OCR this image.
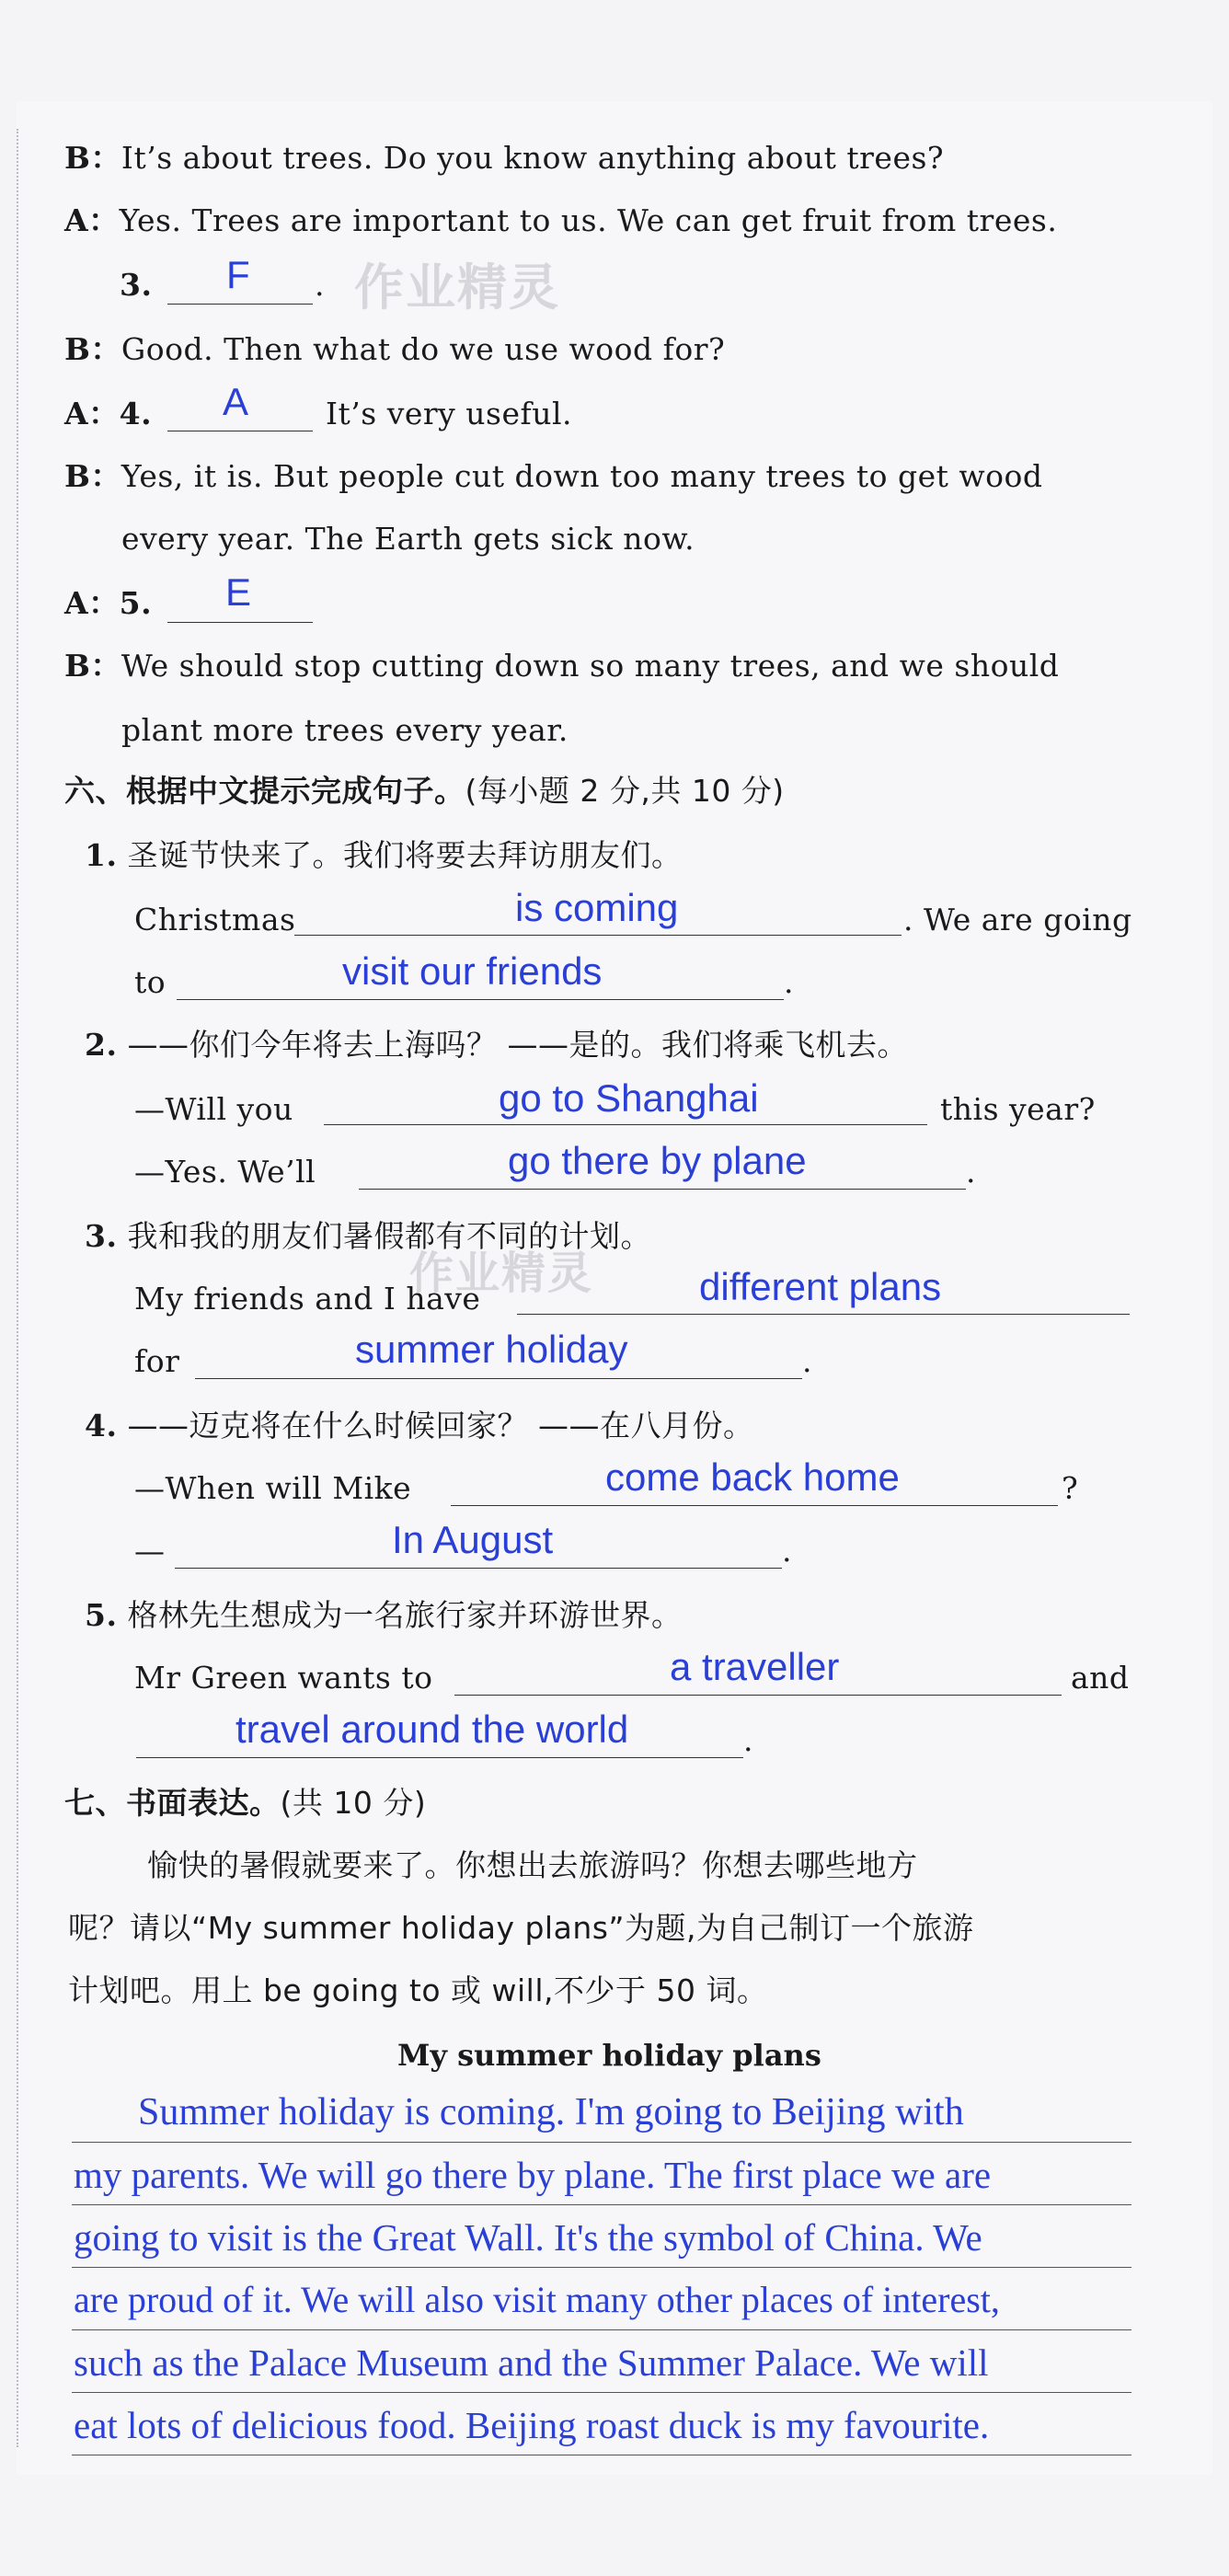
B：It’s about trees. Do you know anything about trees?
A：Yes. Trees are important to us. We can get fruit from trees.
3. F . 作业精灵
B：Good. Then what do we use wood for?
A：4. A	It’s very useful.
B：Yes, it is. But people cut down too many trees to get wood
every year. The Earth gets sick now.
A：5. E
B：We should stop cutting down so many trees, and we should
plant more trees every year.
六、根据中文提示完成句子。(每小题 2 分,共 10 分)
1. 圣诞节快来了。我们将要去拜访朋友们。
Christmas	is coming	. We are going
to	visit our friends	.
2. ——你们今年将去上海吗？ ——是的。我们将乘飞机去。
—Will you	go to Shanghai	this year?
—Yes. We’ll	go there by plane	.
3. 我和我的朋友们暑假都有不同的计划。
作业精灵
My friends and I have	different plans
for	summer holiday	.
4. ——迈克将在什么时候回家？ ——在八月份。
—When will Mike	come back home	?
—	In August	.
5. 格林先生想成为一名旅行家并环游世界。
Mr Green wants to	a traveller	and
travel around the world	.
七、书面表达。(共 10 分)
愉快的暑假就要来了。你想出去旅游吗？你想去哪些地方
呢？请以“My summer holiday plans”为题,为自己制订一个旅游
计划吧。用上 be going to 或 will,不少于 50 词。
My summer holiday plans
Summer holiday is coming. I'm going to Beijing with
my parents. We will go there by plane. The first place we are
going to visit is the Great Wall. It's the symbol of China. We
are proud of it. We will also visit many other places of interest,
such as the Palace Museum and the Summer Palace. We will
eat lots of delicious food. Beijing roast duck is my favourite.
